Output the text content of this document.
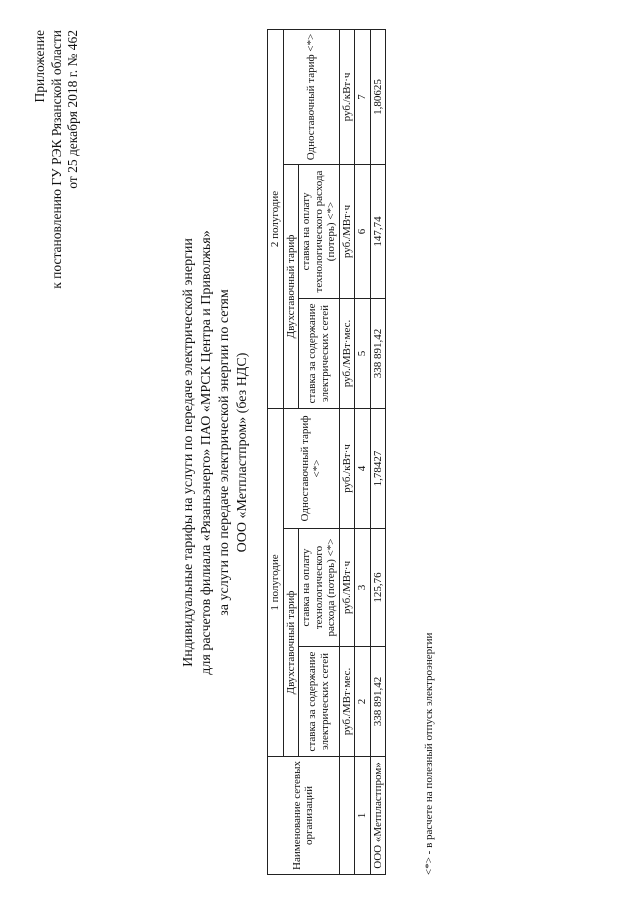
Приложение к постановлению ГУ РЭК Рязанской области от 25 декабря 2018 г. № 462
Индивидуальные тарифы на услуги по передаче электрической энергии для расчетов филиала «Рязаньэнерго» ПАО «МРСК Центра и Приволжья» за услуги по передаче электрической энергии по сетям ООО «Метпластпром» (без НДС)
Наименование сетевых организаций	1 полугодие			2 полугодие		
	Двухставочный тариф		Одноставочный тариф <*>	Двухставочный тариф		Одноставочный тариф <*>
	ставка за содержание электрических сетей	ставка на оплату технологического расхода (потерь) <*>		ставка за содержание электрических сетей	ставка на оплату технологического расхода (потерь) <*>	
	руб./МВт·мес.	руб./МВт·ч	руб./кВт·ч	руб./МВт·мес.	руб./МВт·ч	руб./кВт·ч
1	2	3	4	5	6	7
ООО «Метпластпром»	338 891,42	125,76	1,78427	338 891,42	147,74	1,80625
<*> - в расчете на полезный отпуск электроэнергии
